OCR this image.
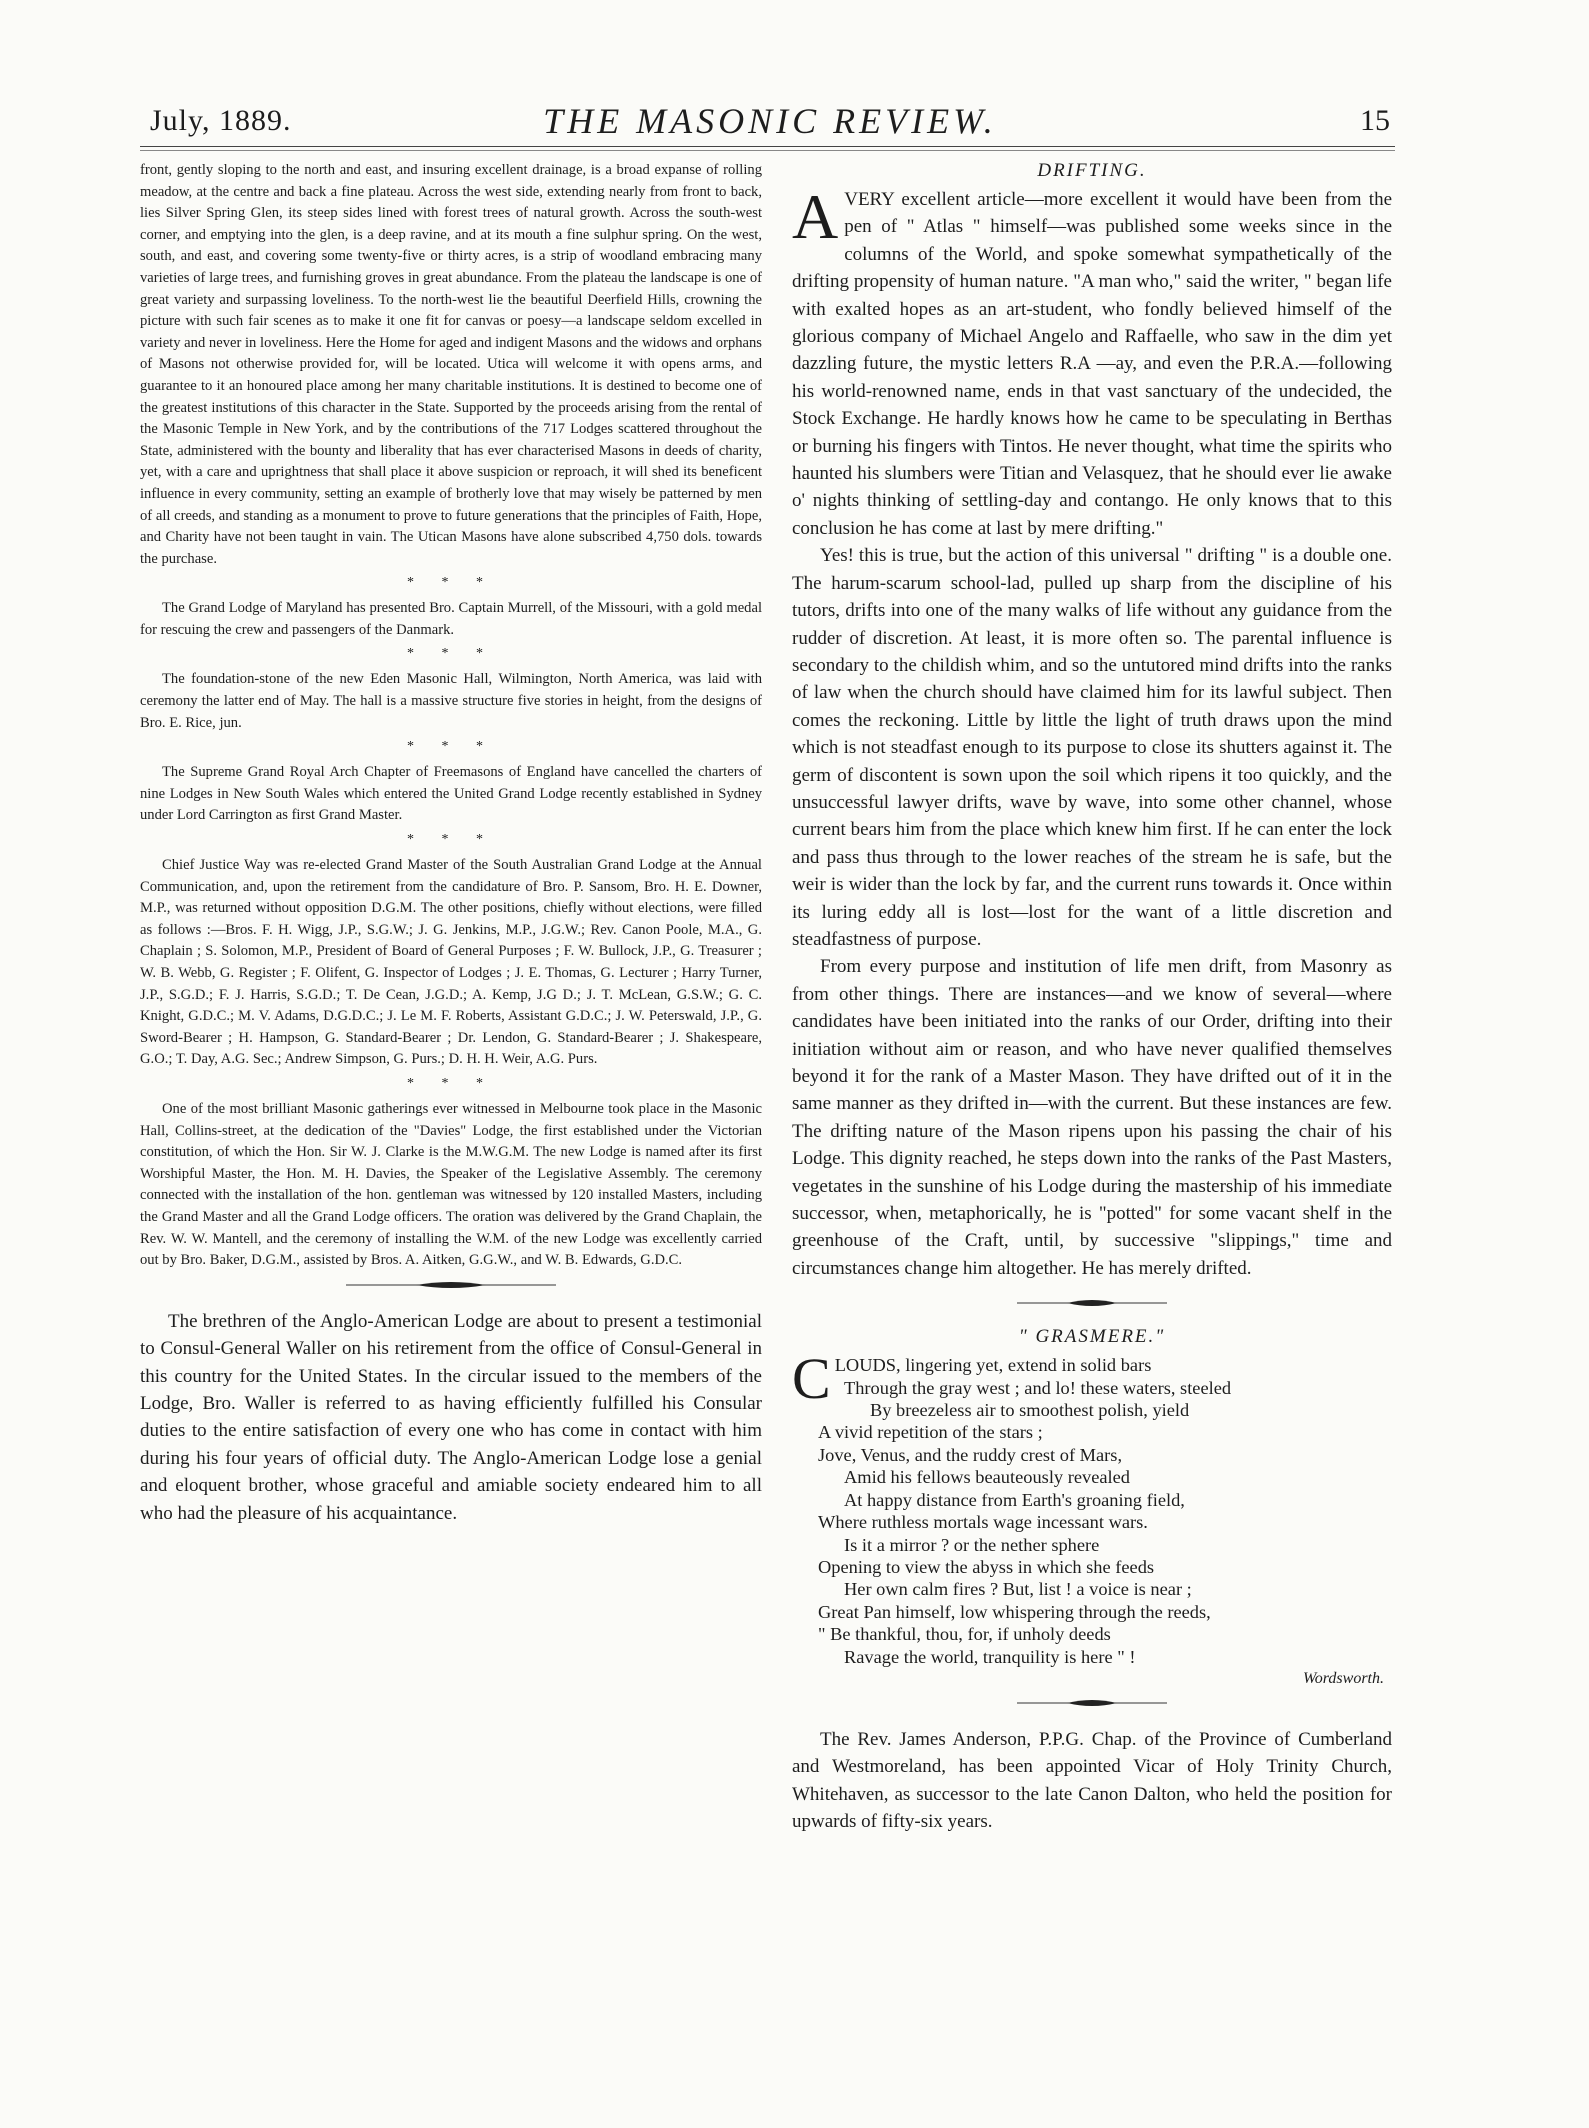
July, 1889.	THE MASONIC REVIEW.	15

front, gently sloping to the north and east, and insuring excellent drainage, is a broad expanse of rolling meadow, at the centre and back a fine plateau. Across the west side, extending nearly from front to back, lies Silver Spring Glen, its steep sides lined with forest trees of natural growth. Across the south-west corner, and emptying into the glen, is a deep ravine, and at its mouth a fine sulphur spring. On the west, south, and east, and covering some twenty-five or thirty acres, is a strip of woodland embracing many varieties of large trees, and furnishing groves in great abundance. From the plateau the landscape is one of great variety and surpassing loveliness. To the north-west lie the beautiful Deerfield Hills, crowning the picture with such fair scenes as to make it one fit for canvas or poesy—a landscape seldom excelled in variety and never in loveliness. Here the Home for aged and indigent Masons and the widows and orphans of Masons not otherwise provided for, will be located. Utica will welcome it with opens arms, and guarantee to it an honoured place among her many charitable institutions. It is destined to become one of the greatest institutions of this character in the State. Supported by the proceeds arising from the rental of the Masonic Temple in New York, and by the contributions of the 717 Lodges scattered throughout the State, administered with the bounty and liberality that has ever characterised Masons in deeds of charity, yet, with a care and uprightness that shall place it above suspicion or reproach, it will shed its beneficent influence in every community, setting an example of brotherly love that may wisely be patterned by men of all creeds, and standing as a monument to prove to future generations that the principles of Faith, Hope, and Charity have not been taught in vain. The Utican Masons have alone subscribed 4,750 dols. towards the purchase.

* * *

The Grand Lodge of Maryland has presented Bro. Captain Murrell, of the Missouri, with a gold medal for rescuing the crew and passengers of the Danmark.

* * *

The foundation-stone of the new Eden Masonic Hall, Wilmington, North America, was laid with ceremony the latter end of May. The hall is a massive structure five stories in height, from the designs of Bro. E. Rice, jun.

* * *

The Supreme Grand Royal Arch Chapter of Freemasons of England have cancelled the charters of nine Lodges in New South Wales which entered the United Grand Lodge recently established in Sydney under Lord Carrington as first Grand Master.

* * *

Chief Justice Way was re-elected Grand Master of the South Australian Grand Lodge at the Annual Communication, and, upon the retirement from the candidature of Bro. P. Sansom, Bro. H. E. Downer, M.P., was returned without opposition D.G.M. The other positions, chiefly without elections, were filled as follows :—Bros. F. H. Wigg, J.P., S.G.W.; J. G. Jenkins, M.P., J.G.W.; Rev. Canon Poole, M.A., G. Chaplain ; S. Solomon, M.P., President of Board of General Purposes ; F. W. Bullock, J.P., G. Treasurer ; W. B. Webb, G. Register ; F. Olifent, G. Inspector of Lodges ; J. E. Thomas, G. Lecturer ; Harry Turner, J.P., S.G.D.; F. J. Harris, S.G.D.; T. De Cean, J.G.D.; A. Kemp, J.G D.; J. T. McLean, G.S.W.; G. C. Knight, G.D.C.; M. V. Adams, D.G.D.C.; J. Le M. F. Roberts, Assistant G.D.C.; J. W. Peterswald, J.P., G. Sword-Bearer ; H. Hampson, G. Standard-Bearer ; Dr. Lendon, G. Standard-Bearer ; J. Shakespeare, G.O.; T. Day, A.G. Sec.; Andrew Simpson, G. Purs.; D. H. H. Weir, A.G. Purs.

* * *

One of the most brilliant Masonic gatherings ever witnessed in Melbourne took place in the Masonic Hall, Collins-street, at the dedication of the "Davies" Lodge, the first established under the Victorian constitution, of which the Hon. Sir W. J. Clarke is the M.W.G.M. The new Lodge is named after its first Worshipful Master, the Hon. M. H. Davies, the Speaker of the Legislative Assembly. The ceremony connected with the installation of the hon. gentleman was witnessed by 120 installed Masters, including the Grand Master and all the Grand Lodge officers. The oration was delivered by the Grand Chaplain, the Rev. W. W. Mantell, and the ceremony of installing the W.M. of the new Lodge was excellently carried out by Bro. Baker, D.G.M., assisted by Bros. A. Aitken, G.G.W., and W. B. Edwards, G.D.C.

The brethren of the Anglo-American Lodge are about to present a testimonial to Consul-General Waller on his retirement from the office of Consul-General in this country for the United States. In the circular issued to the members of the Lodge, Bro. Waller is referred to as having efficiently fulfilled his Consular duties to the entire satisfaction of every one who has come in contact with him during his four years of official duty. The Anglo-American Lodge lose a genial and eloquent brother, whose graceful and amiable society endeared him to all who had the pleasure of his acquaintance.

DRIFTING.

AVERY excellent article—more excellent it would have been from the pen of " Atlas " himself—was published some weeks since in the columns of the World, and spoke somewhat sympathetically of the drifting propensity of human nature. "A man who," said the writer, " began life with exalted hopes as an art-student, who fondly believed himself of the glorious company of Michael Angelo and Raffaelle, who saw in the dim yet dazzling future, the mystic letters R.A —ay, and even the P.R.A.—following his world-renowned name, ends in that vast sanctuary of the undecided, the Stock Exchange. He hardly knows how he came to be speculating in Berthas or burning his fingers with Tintos. He never thought, what time the spirits who haunted his slumbers were Titian and Velasquez, that he should ever lie awake o' nights thinking of settling-day and contango. He only knows that to this conclusion he has come at last by mere drifting."

Yes! this is true, but the action of this universal " drifting " is a double one. The harum-scarum school-lad, pulled up sharp from the discipline of his tutors, drifts into one of the many walks of life without any guidance from the rudder of discretion. At least, it is more often so. The parental influence is secondary to the childish whim, and so the untutored mind drifts into the ranks of law when the church should have claimed him for its lawful subject. Then comes the reckoning. Little by little the light of truth draws upon the mind which is not steadfast enough to its purpose to close its shutters against it. The germ of discontent is sown upon the soil which ripens it too quickly, and the unsuccessful lawyer drifts, wave by wave, into some other channel, whose current bears him from the place which knew him first. If he can enter the lock and pass thus through to the lower reaches of the stream he is safe, but the weir is wider than the lock by far, and the current runs towards it. Once within its luring eddy all is lost—lost for the want of a little discretion and steadfastness of purpose.

From every purpose and institution of life men drift, from Masonry as from other things. There are instances—and we know of several—where candidates have been initiated into the ranks of our Order, drifting into their initiation without aim or reason, and who have never qualified themselves beyond it for the rank of a Master Mason. They have drifted out of it in the same manner as they drifted in—with the current. But these instances are few. The drifting nature of the Mason ripens upon his passing the chair of his Lodge. This dignity reached, he steps down into the ranks of the Past Masters, vegetates in the sunshine of his Lodge during the mastership of his immediate successor, when, metaphorically, he is "potted" for some vacant shelf in the greenhouse of the Craft, until, by successive "slippings," time and circumstances change him altogether. He has merely drifted.

" GRASMERE."
CLOUDS, lingering yet, extend in solid bars
Through the gray west ; and lo! these waters, steeled
By breezeless air to smoothest polish, yield
A vivid repetition of the stars ;
Jove, Venus, and the ruddy crest of Mars,
Amid his fellows beauteously revealed
At happy distance from Earth's groaning field,
Where ruthless mortals wage incessant wars.
Is it a mirror ? or the nether sphere
Opening to view the abyss in which she feeds
Her own calm fires ? But, list ! a voice is near ;
Great Pan himself, low whispering through the reeds,
" Be thankful, thou, for, if unholy deeds
Ravage the world, tranquility is here " !
Wordsworth.

The Rev. James Anderson, P.P.G. Chap. of the Province of Cumberland and Westmoreland, has been appointed Vicar of Holy Trinity Church, Whitehaven, as successor to the late Canon Dalton, who held the position for upwards of fifty-six years.
